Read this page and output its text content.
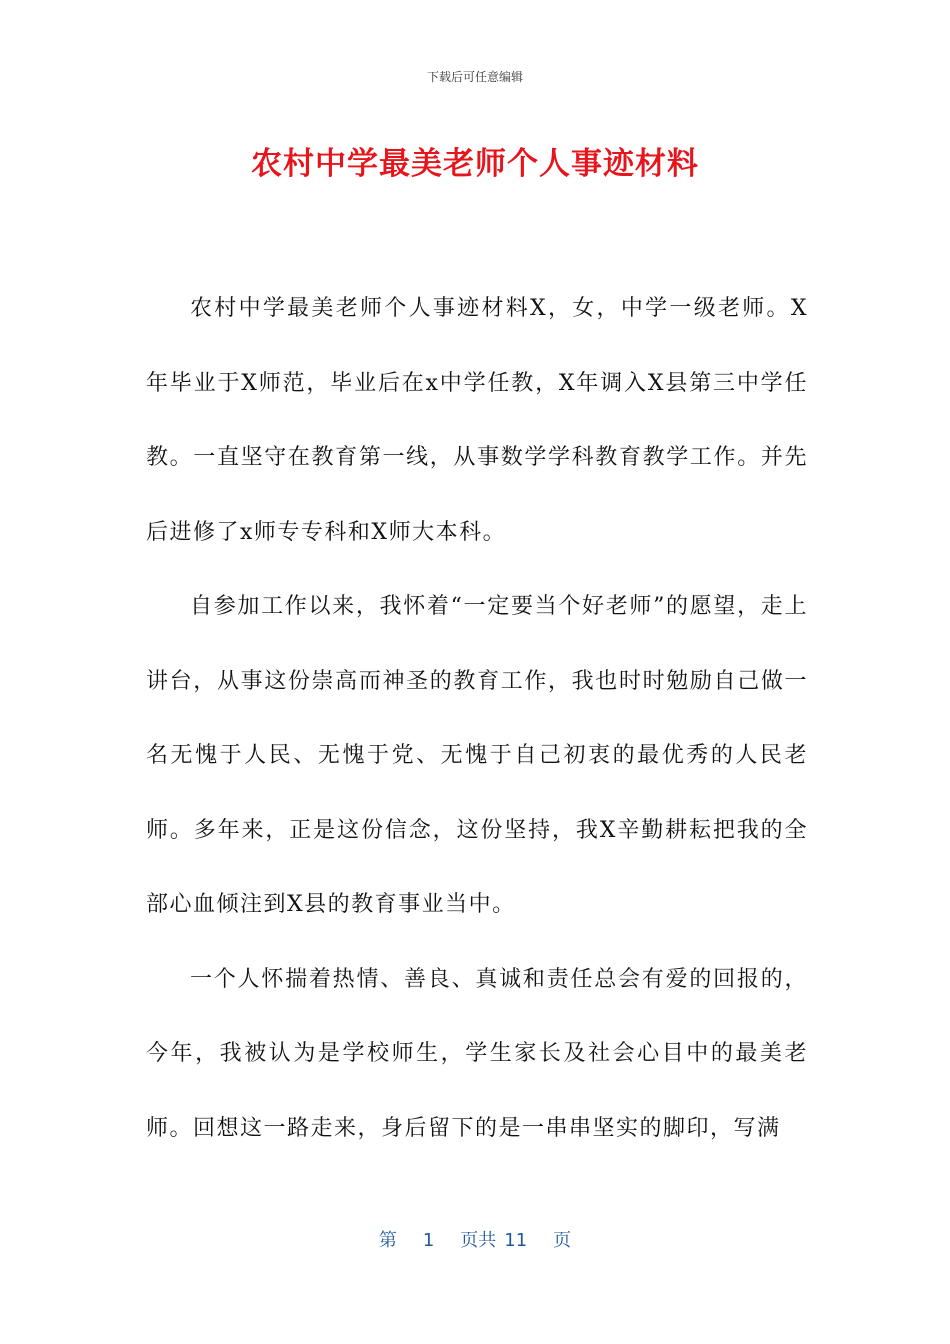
下载后可任意编辑
农村中学最美老师个人事迹材料

农村中学最美老师个人事迹材料X，女，中学一级老师。X年毕业于X师范，毕业后在x中学任教，X年调入X县第三中学任教。一直坚守在教育第一线，从事数学学科教育教学工作。并先后进修了x师专专科和X师大本科。

自参加工作以来，我怀着“一定要当个好老师”的愿望，走上讲台，从事这份崇高而神圣的教育工作，我也时时勉励自己做一名无愧于人民、无愧于党、无愧于自己初衷的最优秀的人民老师。多年来，正是这份信念，这份坚持，我X辛勤耕耘把我的全部心血倾注到X县的教育事业当中。

一个人怀揣着热情、善良、真诚和责任总会有爱的回报的，今年，我被认为是学校师生，学生家长及社会心目中的最美老师。回想这一路走来，身后留下的是一串串坚实的脚印，写满

第 1 页共 11 页
